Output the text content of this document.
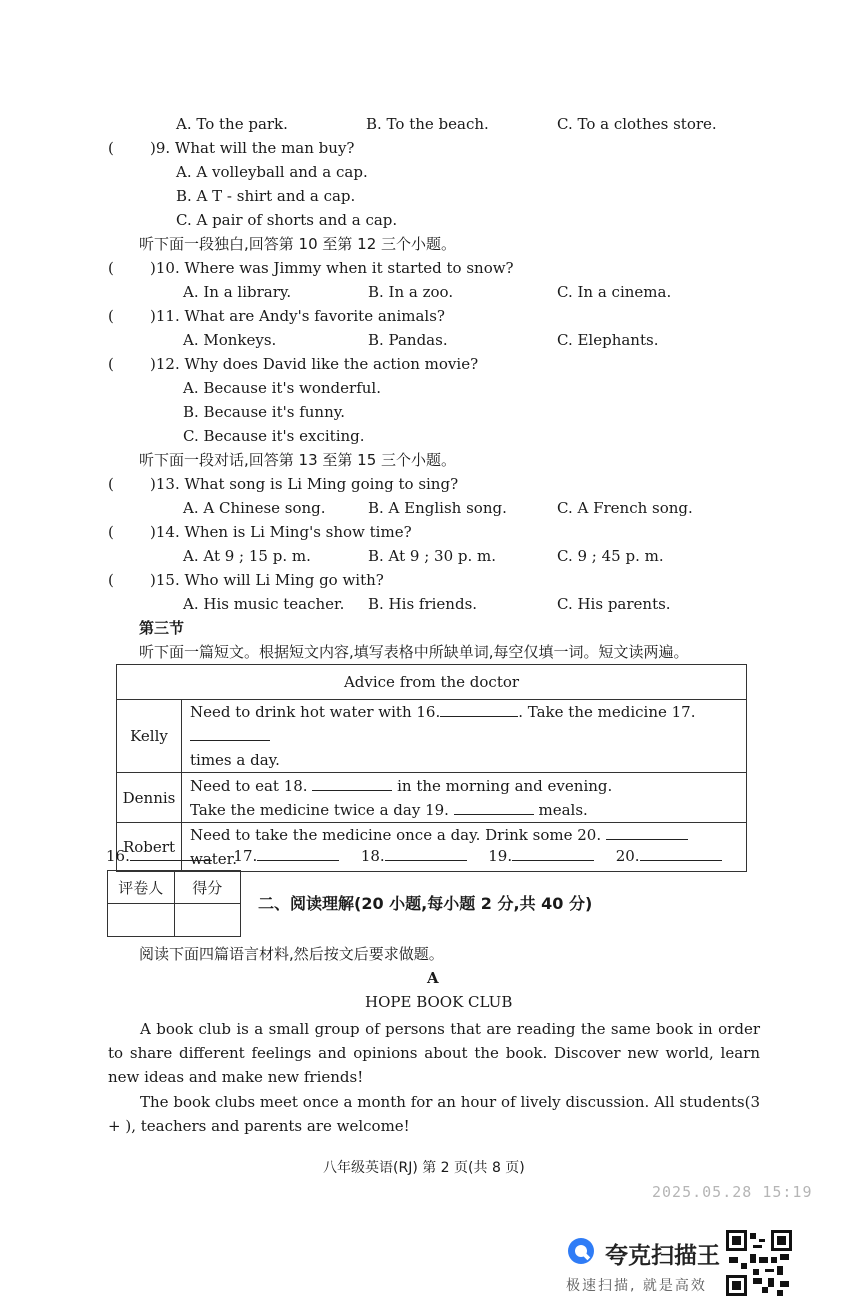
A. To the park.	B. To the beach.	C. To a clothes store.
( )9. What will the man buy?
A. A volleyball and a cap.
B. A T - shirt and a cap.
C. A pair of shorts and a cap.
听下面一段独白,回答第 10 至第 12 三个小题。
( )10. Where was Jimmy when it started to snow?
A. In a library.	B. In a zoo.	C. In a cinema.
( )11. What are Andy's favorite animals?
A. Monkeys.	B. Pandas.	C. Elephants.
( )12. Why does David like the action movie?
A. Because it's wonderful.
B. Because it's funny.
C. Because it's exciting.
听下面一段对话,回答第 13 至第 15 三个小题。
( )13. What song is Li Ming going to sing?
A. A Chinese song.	B. A English song.	C. A French song.
( )14. When is Li Ming's show time?
A. At 9 ; 15 p. m.	B. At 9 ; 30 p. m.	C. 9 ; 45 p. m.
( )15. Who will Li Ming go with?
A. His music teacher. B. His friends.	C. His parents.
第三节
听下面一篇短文。根据短文内容,填写表格中所缺单词,每空仅填一词。短文读两遍。
Advice from the doctor	
Kelly	Need to drink hot water with 16. . Take the medicine 17.
times a day.
Dennis	Need to eat 18. in the morning and evening.
Take the medicine twice a day 19. meals.
Robert	Need to take the medicine once a day. Drink some 20.  water.
16.	17.	18.	19.	20.
评卷人	得分

二、阅读理解(20 小题,每小题 2 分,共 40 分)
阅读下面四篇语言材料,然后按文后要求做题。
A
HOPE BOOK CLUB
A book club is a small group of persons that are reading the same book in order to share different feelings and opinions about the book. Discover new world, learn new ideas and make new friends!
The book clubs meet once a month for an hour of lively discussion. All students(3 + ), teachers and parents are welcome!
八年级英语(RJ) 第 2 页(共 8 页)
2025.05.28 15:19
夸克扫描王
极速扫描, 就是高效
